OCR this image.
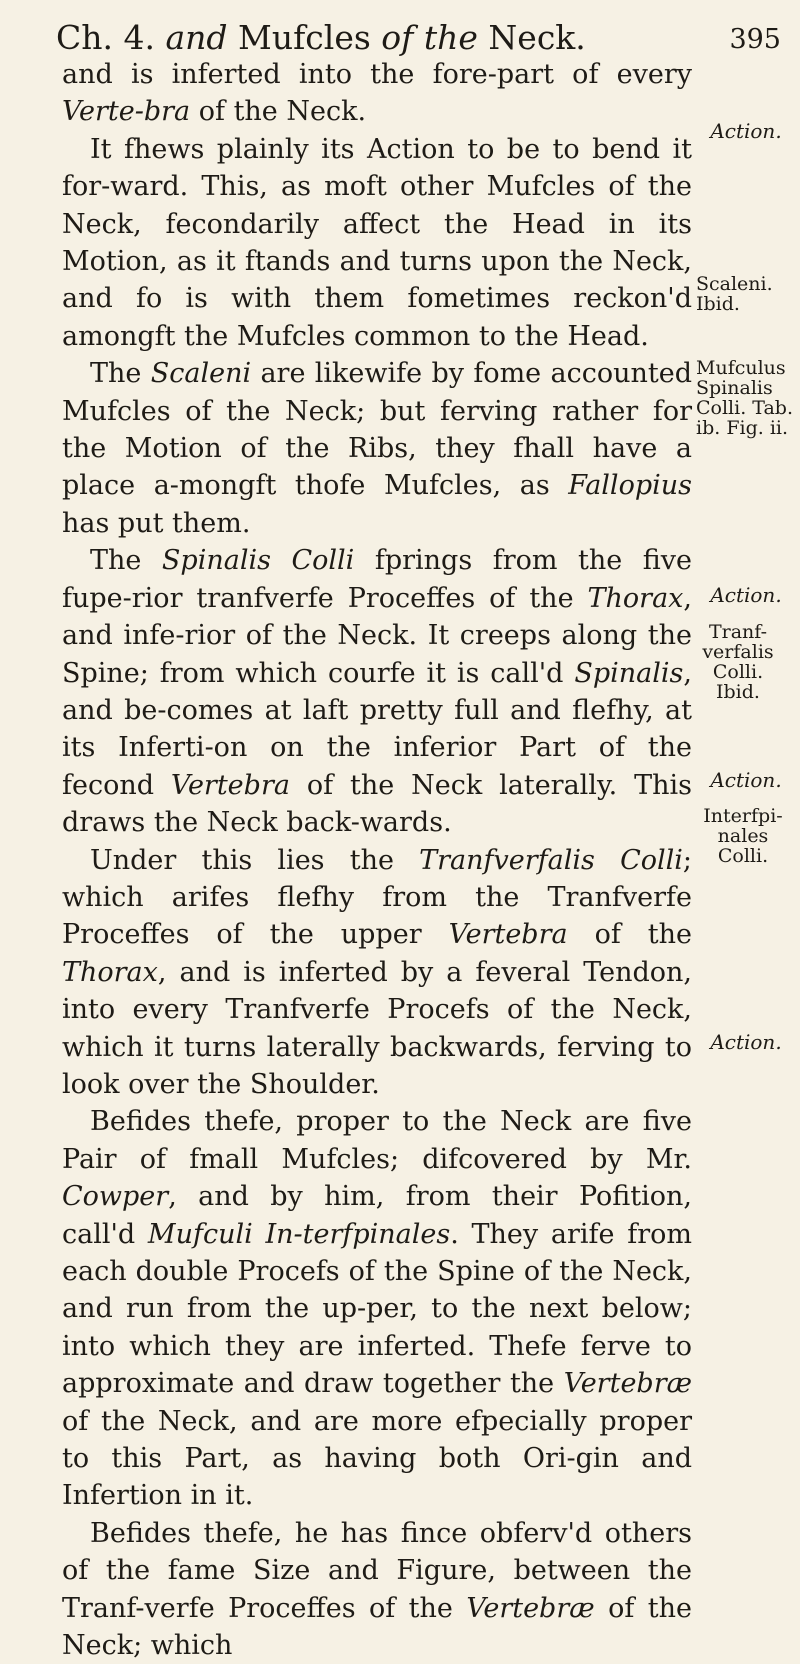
Ch. 4. and Mufcles of the Neck.	395

and is inferted into the fore-part of every Verte-bra of the Neck.

It fhews plainly its Action to be to bend it for-ward. This, as moft other Mufcles of the Neck, fecondarily affect the Head in its Motion, as it ftands and turns upon the Neck, and fo is with them fometimes reckon'd amongft the Mufcles common to the Head.

The Scaleni are likewife by fome accounted Mufcles of the Neck; but ferving rather for the Motion of the Ribs, they fhall have a place a-mongft thofe Mufcles, as Fallopius has put them.

The Spinalis Colli fprings from the five fupe-rior tranfverfe Proceffes of the Thorax, and infe-rior of the Neck. It creeps along the Spine; from which courfe it is call'd Spinalis, and be-comes at laft pretty full and flefhy, at its Inferti-on on the inferior Part of the fecond Vertebra of the Neck laterally. This draws the Neck back-wards.

Under this lies the Tranfverfalis Colli; which arifes flefhy from the Tranfverfe Proceffes of the upper Vertebra of the Thorax, and is inferted by a feveral Tendon, into every Tranfverfe Procefs of the Neck, which it turns laterally backwards, ferving to look over the Shoulder.

Befides thefe, proper to the Neck are five Pair of fmall Mufcles; difcovered by Mr. Cowper, and by him, from their Pofition, call'd Mufculi In-terfpinales. They arife from each double Procefs of the Spine of the Neck, and run from the up-per, to the next below; into which they are inferted. Thefe ferve to approximate and draw together the Vertebræ of the Neck, and are more efpecially proper to this Part, as having both Ori-gin and Infertion in it.

Befides thefe, he has fince obferv'd others of the fame Size and Figure, between the Tranf-verfe Proceffes of the Vertebræ of the Neck; which

Action.
Scaleni. Ibid.
Mufculus Spinalis Colli. Tab. ib. Fig. ii.
Action.
Tranf-verfalis Colli. Ibid.
Action.
Interfpi-nales Colli.
Action.
